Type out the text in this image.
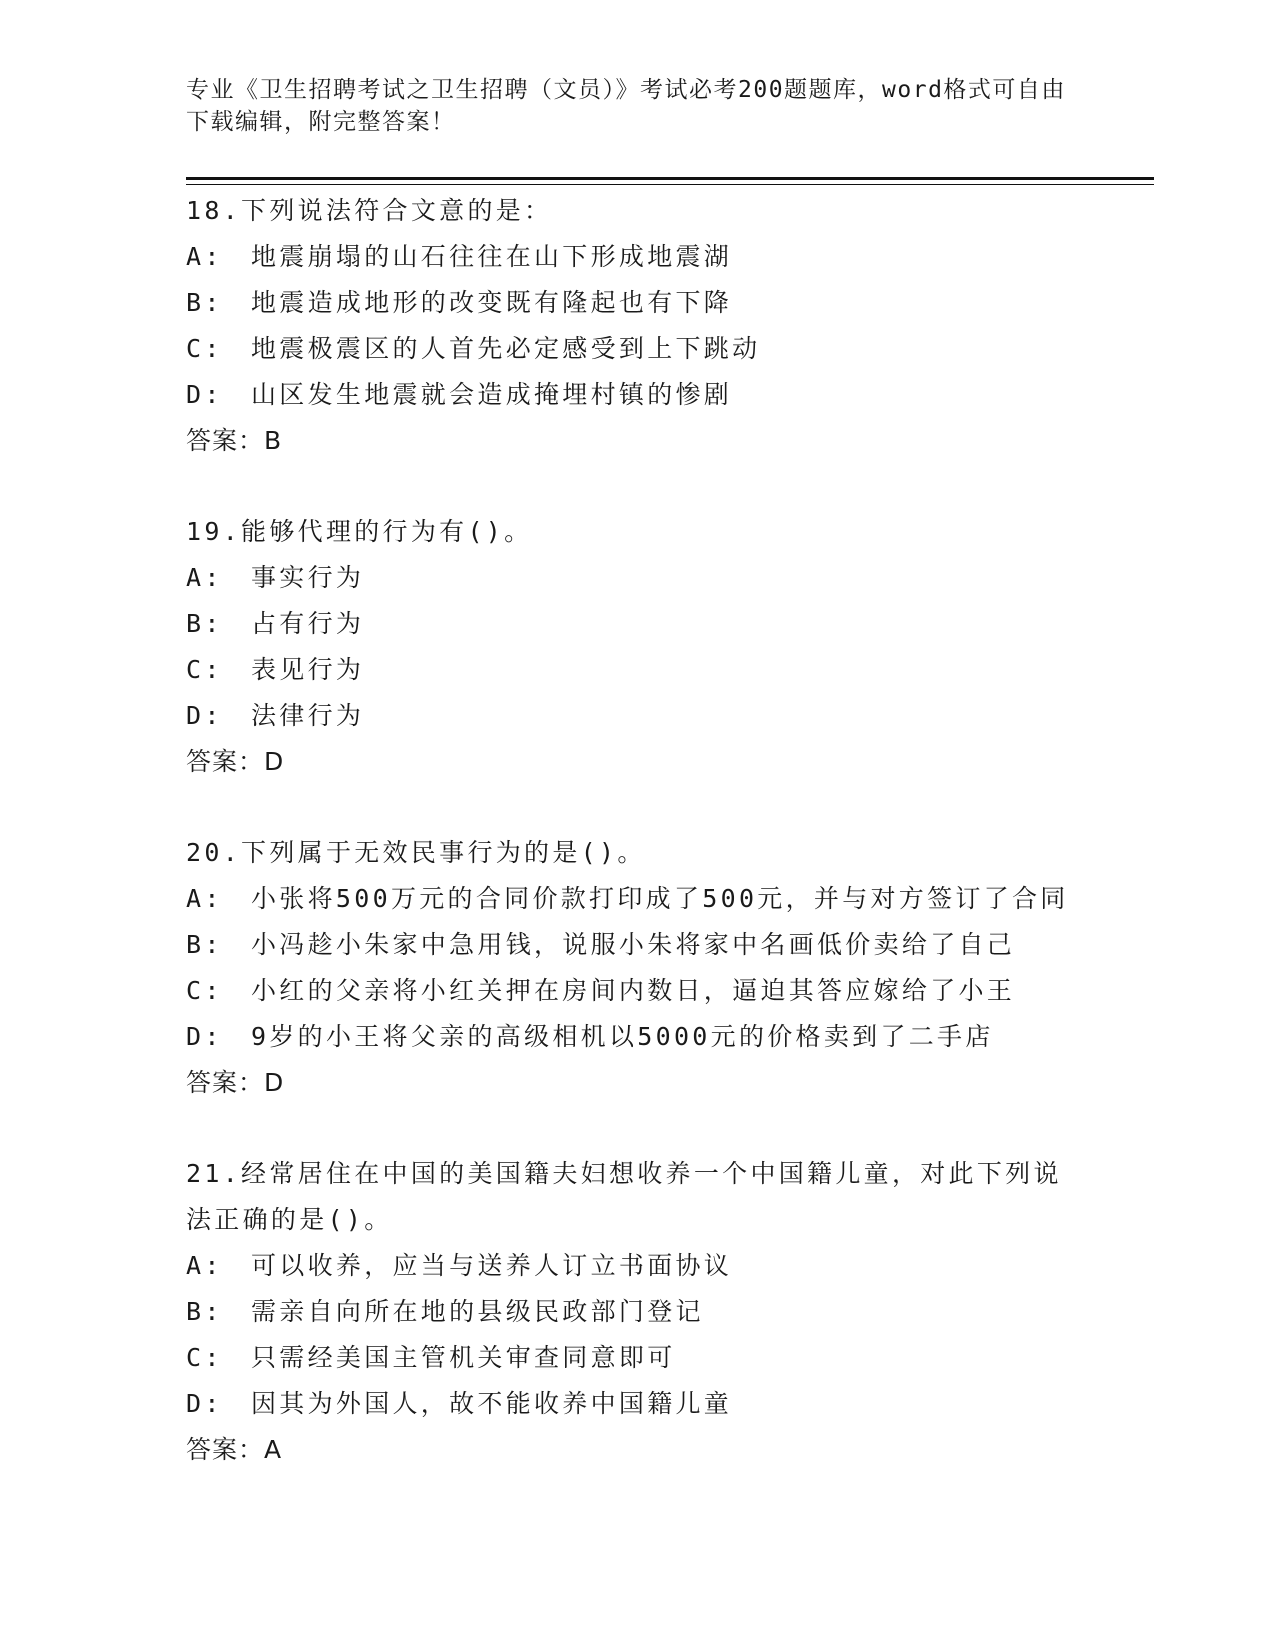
专业《卫生招聘考试之卫生招聘（文员）》考试必考200题题库，word格式可自由下载编辑，附完整答案！
18.下列说法符合文意的是：
A:　地震崩塌的山石往往在山下形成地震湖
B:　地震造成地形的改变既有隆起也有下降
C:　地震极震区的人首先必定感受到上下跳动
D:　山区发生地震就会造成掩埋村镇的惨剧
答案：B
19.能够代理的行为有()。
A:　事实行为
B:　占有行为
C:　表见行为
D:　法律行为
答案：D
20.下列属于无效民事行为的是()。
A:　小张将500万元的合同价款打印成了500元，并与对方签订了合同
B:　小冯趁小朱家中急用钱，说服小朱将家中名画低价卖给了自己
C:　小红的父亲将小红关押在房间内数日，逼迫其答应嫁给了小王
D:　9岁的小王将父亲的高级相机以5000元的价格卖到了二手店
答案：D
21.经常居住在中国的美国籍夫妇想收养一个中国籍儿童，对此下列说法正确的是()。
A:　可以收养，应当与送养人订立书面协议
B:　需亲自向所在地的县级民政部门登记
C:　只需经美国主管机关审查同意即可
D:　因其为外国人，故不能收养中国籍儿童
答案：A
